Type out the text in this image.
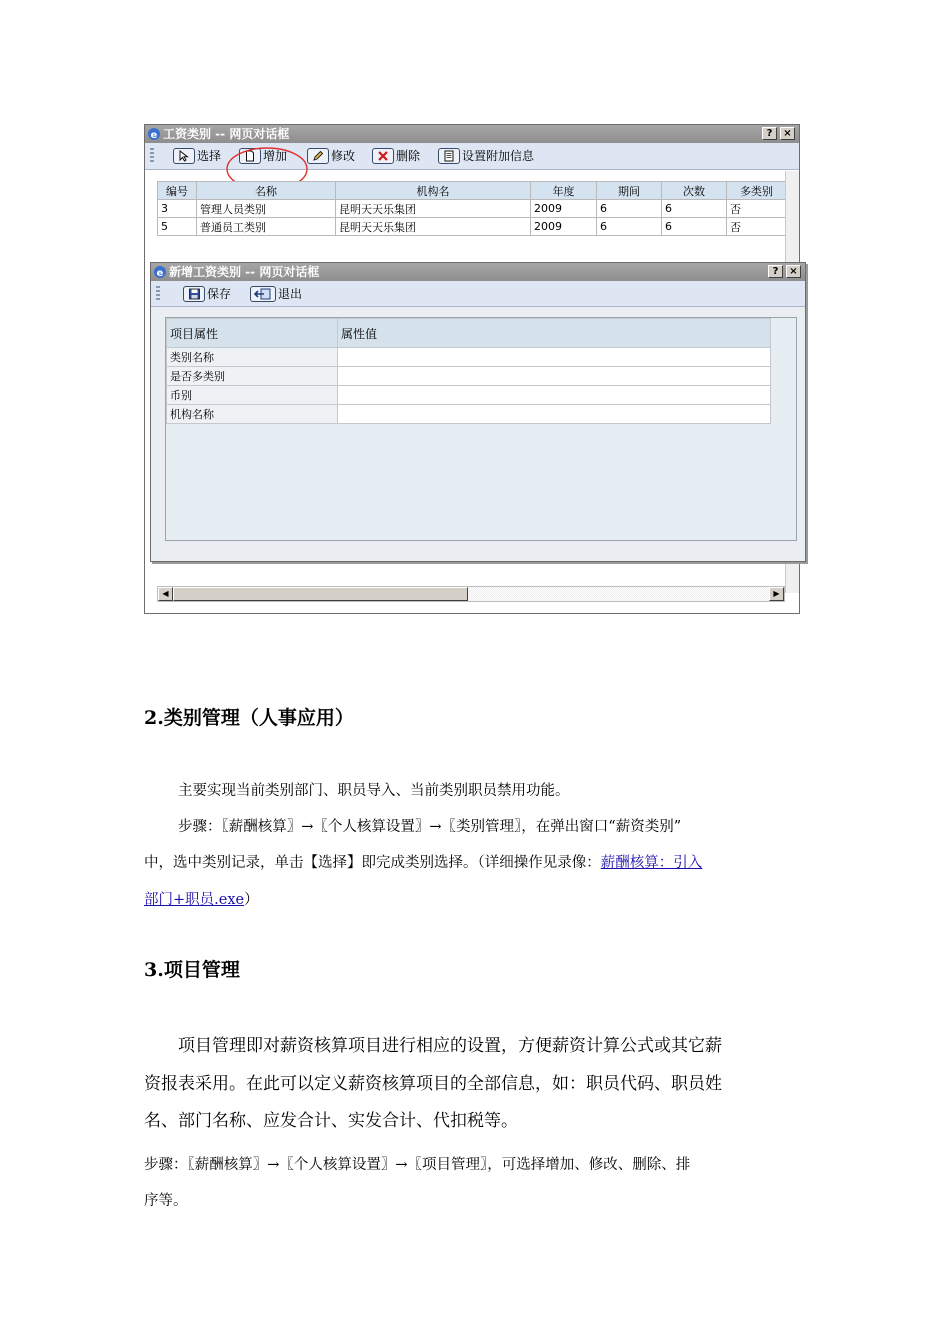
e 工资类别 -- 网页对话框	?	×
选择	增加	修改	删除	设置附加信息
编号	名称	机构名	年度	期间	次数	多类别
3	管理人员类别	昆明天天乐集团	2009	6	6	否
5	普通员工类别	昆明天天乐集团	2009	6	6	否
◀	▶
e 新增工资类别 -- 网页对话框	?	×
保存	退出
项目属性	属性值
类别名称	
是否多类别	
币别	
机构名称	
2.类别管理（人事应用）
主要实现当前类别部门、职员导入、当前类别职员禁用功能。
步骤：〖薪酬核算〗→〖个人核算设置〗→〖类别管理〗，在弹出窗口“薪资类别”
中，选中类别记录，单击【选择】即完成类别选择。（详细操作见录像：薪酬核算：引入
部门+职员.exe）
3.项目管理
项目管理即对薪资核算项目进行相应的设置，方便薪资计算公式或其它薪
资报表采用。在此可以定义薪资核算项目的全部信息，如：职员代码、职员姓
名、部门名称、应发合计、实发合计、代扣税等。
步骤：〖薪酬核算〗→〖个人核算设置〗→〖项目管理〗，可选择增加、修改、删除、排
序等。
